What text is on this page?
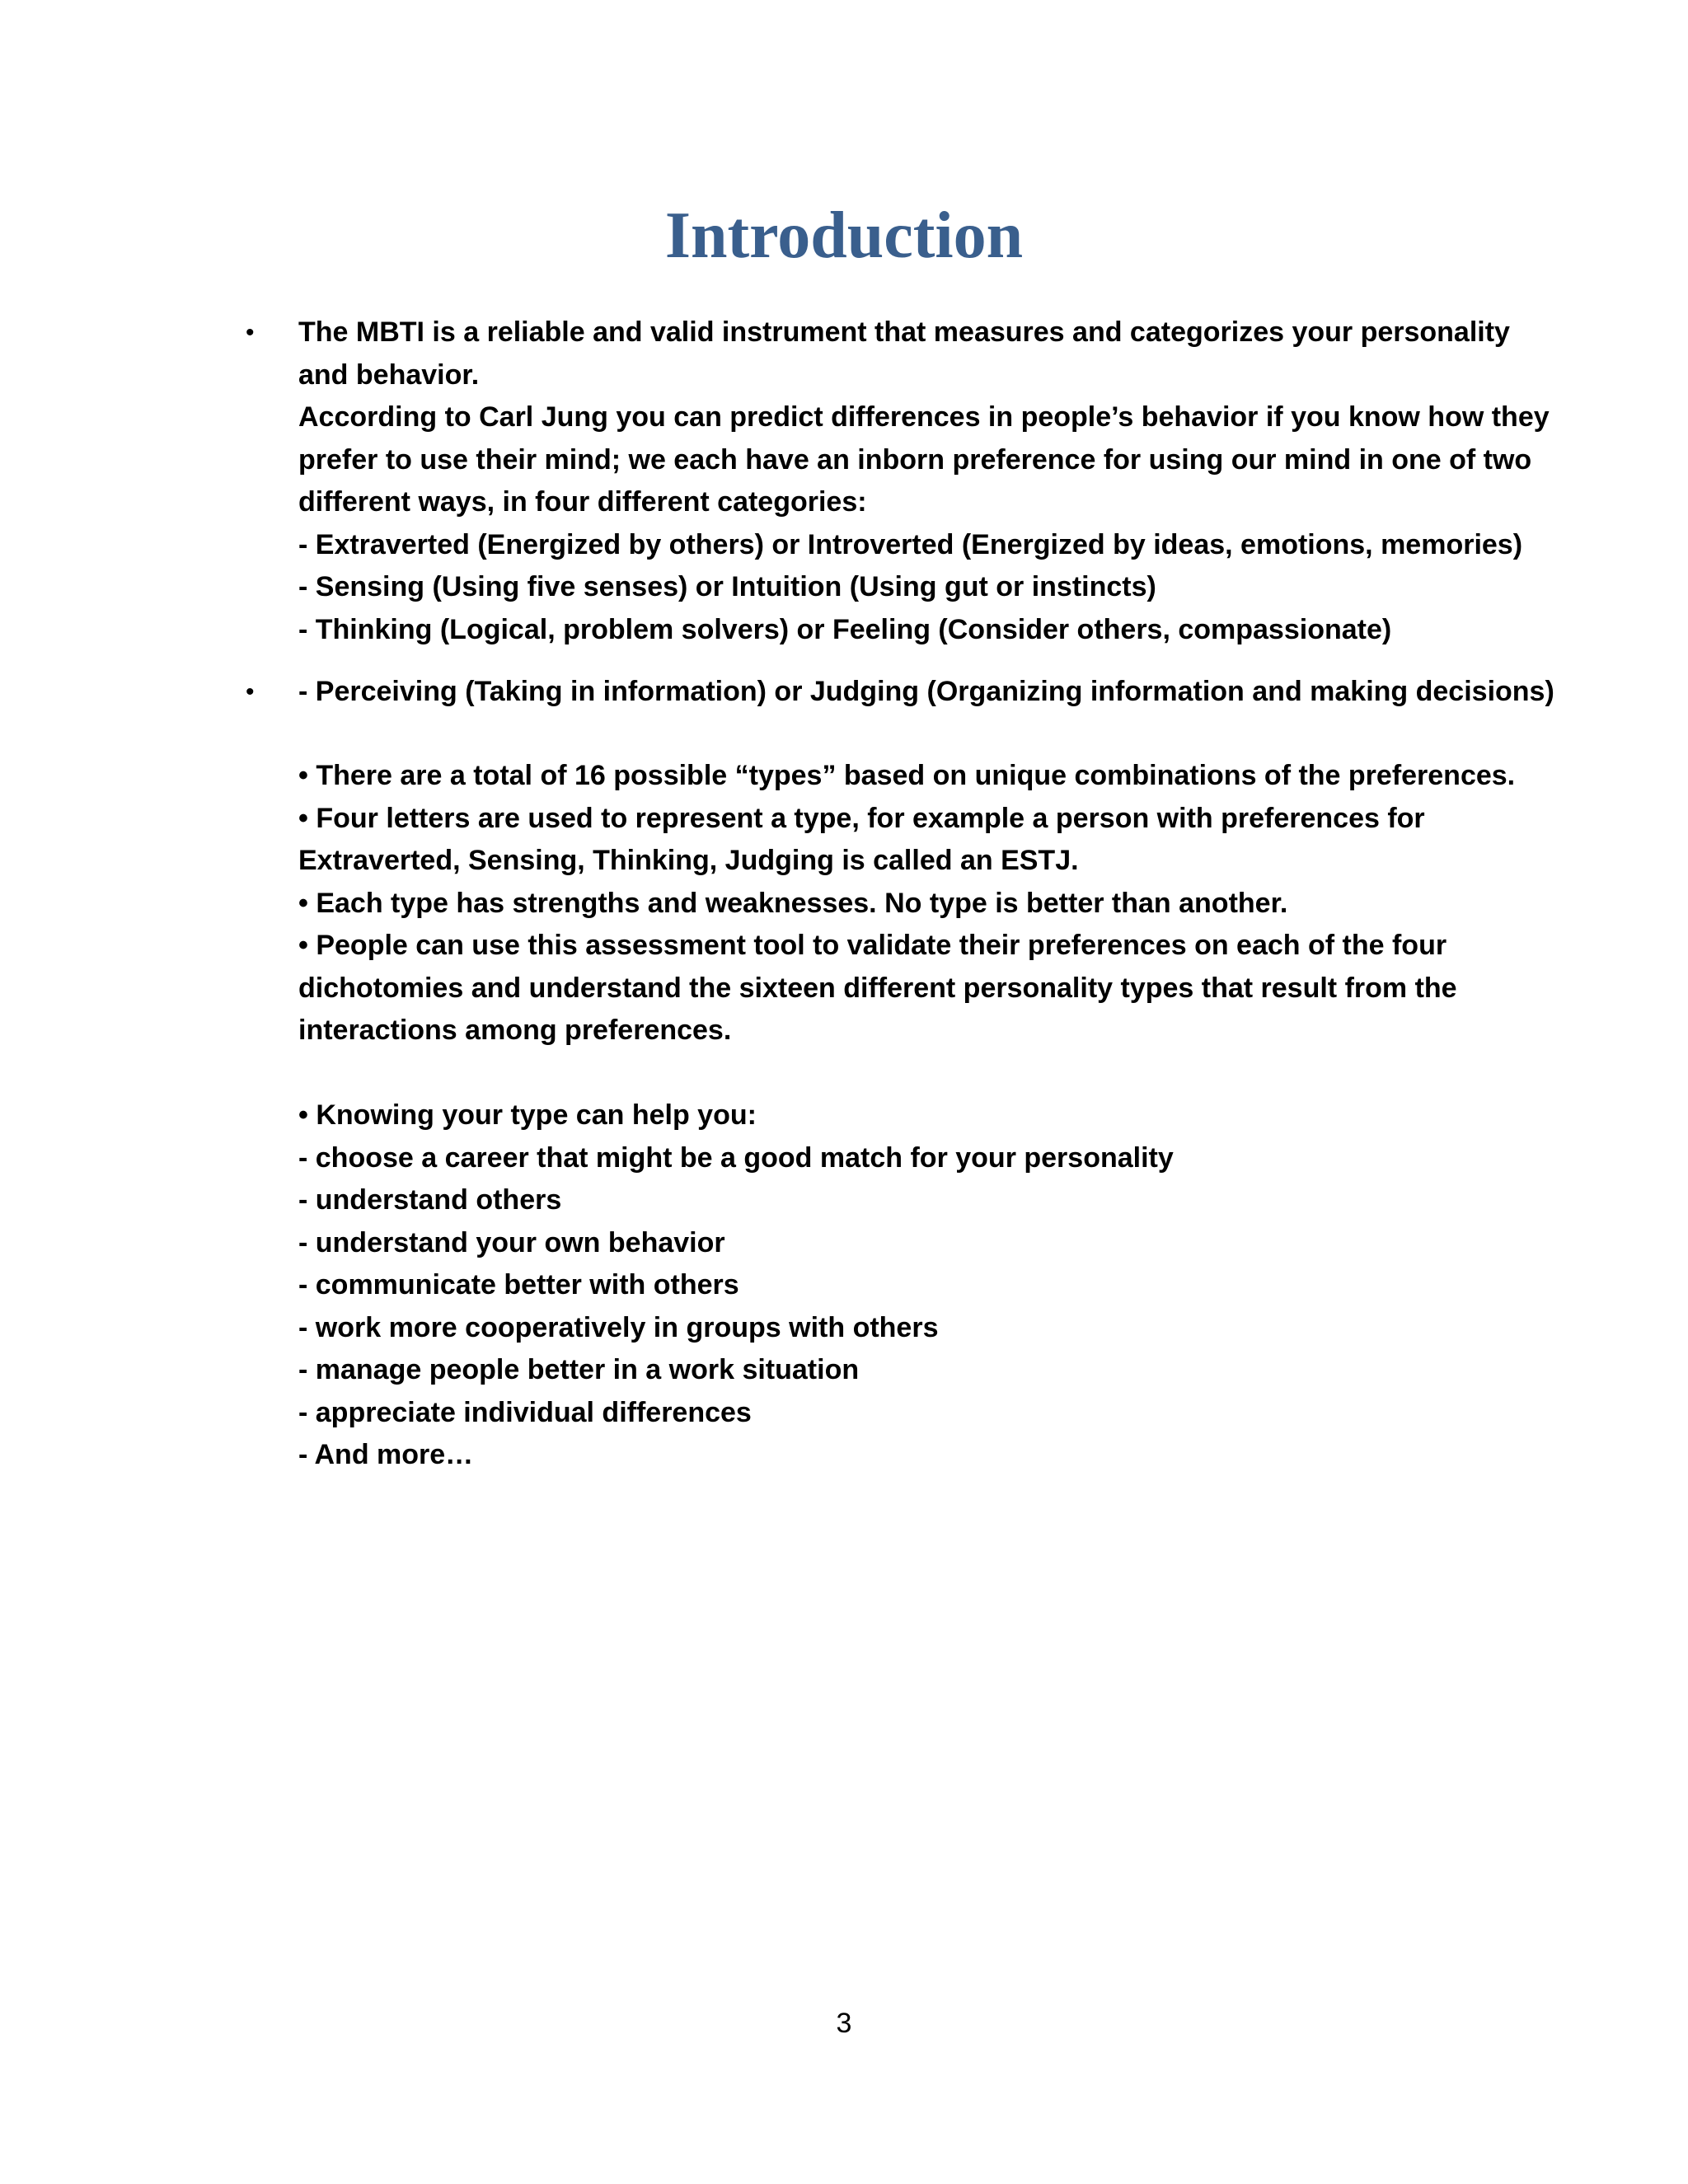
Introduction
• The MBTI is a reliable and valid instrument that measures and categorizes your personality
and behavior.
According to Carl Jung you can predict differences in people’s behavior if you know how they
prefer to use their mind; we each have an inborn preference for using our mind in one of two
different ways, in four different categories:
- Extraverted (Energized by others) or Introverted (Energized by ideas, emotions, memories)
- Sensing (Using five senses) or Intuition (Using gut or instincts)
- Thinking (Logical, problem solvers) or Feeling (Consider others, compassionate)
• - Perceiving (Taking in information) or Judging (Organizing information and making decisions)
• There are a total of 16 possible “types” based on unique combinations of the preferences.
• Four letters are used to represent a type, for example a person with preferences for
Extraverted, Sensing, Thinking, Judging is called an ESTJ.
• Each type has strengths and weaknesses. No type is better than another.
• People can use this assessment tool to validate their preferences on each of the four
dichotomies and understand the sixteen different personality types that result from the
interactions among preferences.
• Knowing your type can help you:
- choose a career that might be a good match for your personality
- understand others
- understand your own behavior
- communicate better with others
- work more cooperatively in groups with others
- manage people better in a work situation
- appreciate individual differences
- And more…
3
